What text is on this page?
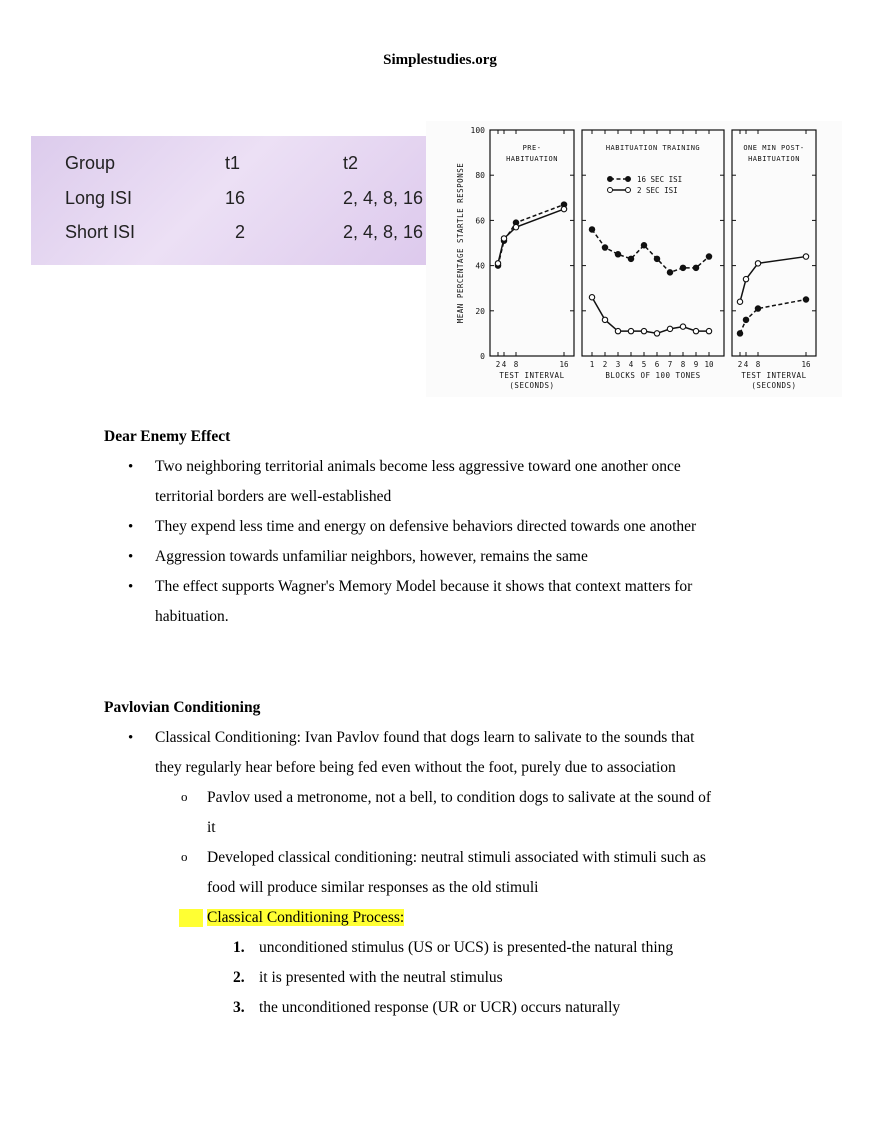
Simplestudies.org
Group	t1	t2
Long ISI	16	2, 4, 8, 16
Short ISI	2	2, 4, 8, 16	MEAN PERCENTAGE STARTLE RESPONSE
0
20
40
60
80
100
2 4 8	16
PRE-
HABITUATION
TEST INTERVAL
(SECONDS)
1 2 3 4 5 6 7 8 9 10
HABITUATION TRAINING
BLOCKS OF 100 TONES
2 4 8	16
ONE MIN POST-
HABITUATION
TEST INTERVAL
(SECONDS)
16 SEC ISI
2 SEC ISI

Dear Enemy Effect

• Two neighboring territorial animals become less aggressive toward one another once
territorial borders are well-established
• They expend less time and energy on defensive behaviors directed towards one another
• Aggression towards unfamiliar neighbors, however, remains the same
• The effect supports Wagner's Memory Model because it shows that context matters for
habituation.

Pavlovian Conditioning

• Classical Conditioning: Ivan Pavlov found that dogs learn to salivate to the sounds that
they regularly hear before being fed even without the foot, purely due to association
o Pavlov used a metronome, not a bell, to condition dogs to salivate at the sound of
it
o Developed classical conditioning: neutral stimuli associated with stimuli such as
food will produce similar responses as the old stimuli
o Classical Conditioning Process:
1. unconditioned stimulus (US or UCS) is presented-the natural thing
2. it is presented with the neutral stimulus
3. the unconditioned response (UR or UCR) occurs naturally
